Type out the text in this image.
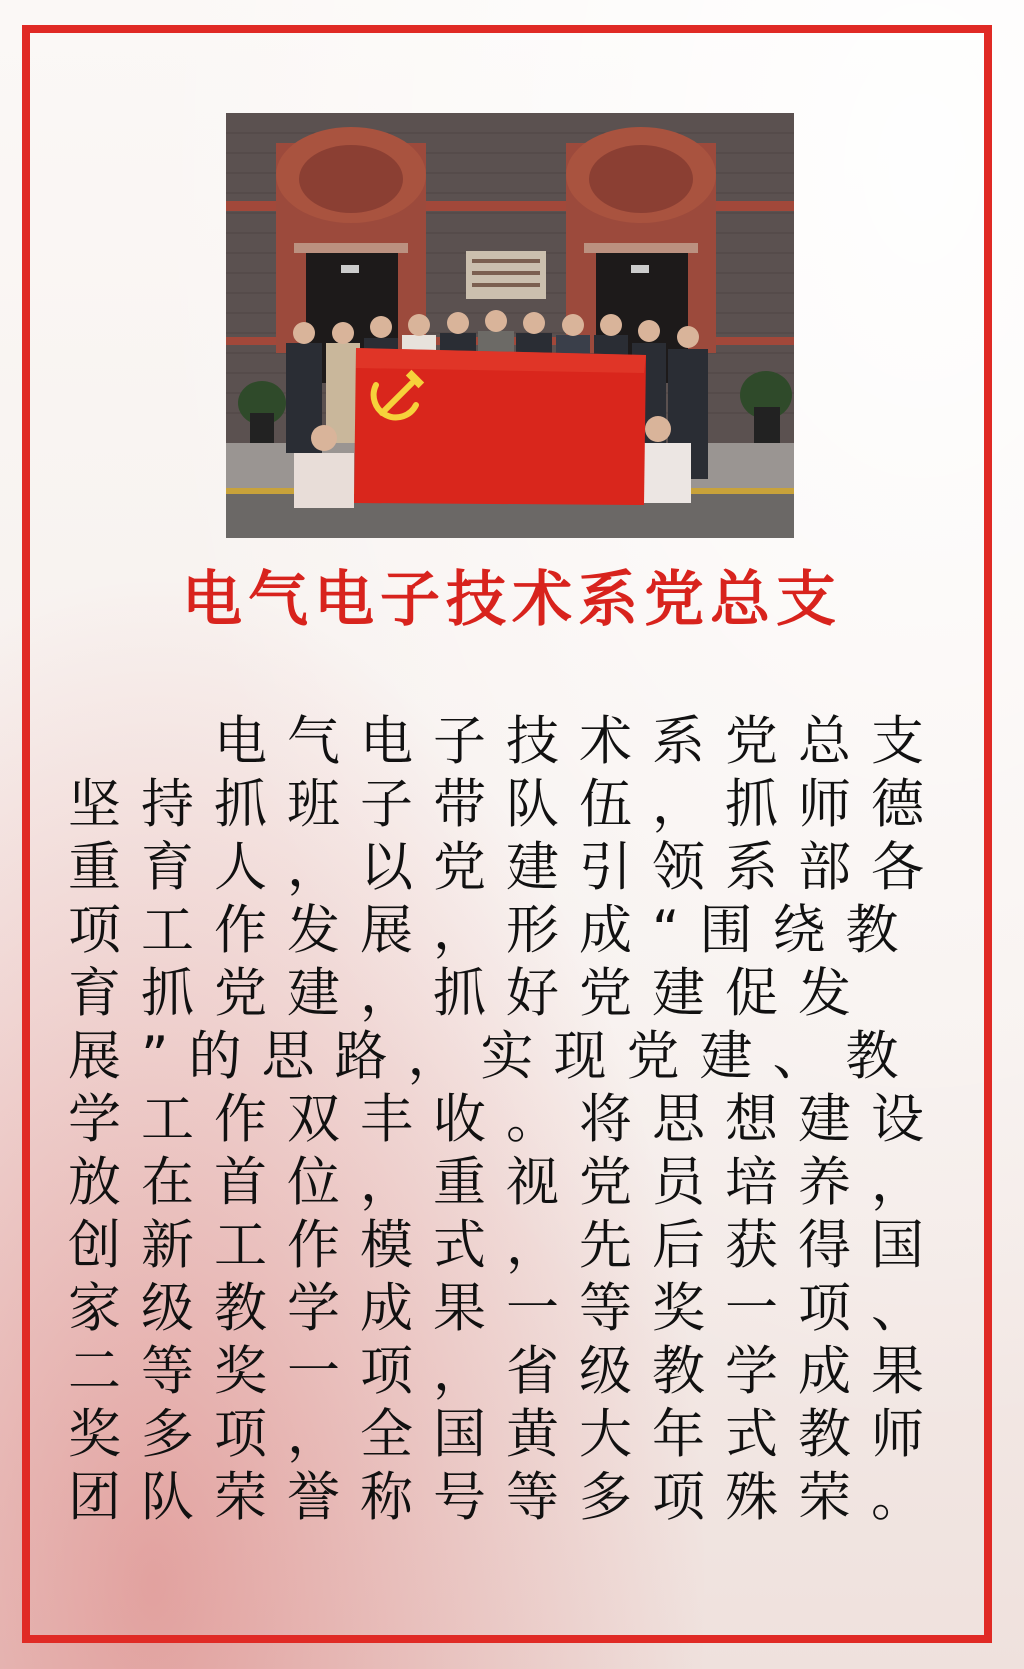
电气电子技术系党总支

电气电子技术系党总支坚持抓班子带队伍，抓师德重育人，以党建引领系部各项工作发展，形成“围绕教育抓党建，抓好党建促发展”的思路，实现党建、教学工作双丰收。将思想建设放在首位，重视党员培养，创新工作模式，先后获得国家级教学成果一等奖一项、二等奖一项，省级教学成果奖多项，全国黄大年式教师团队荣誉称号等多项殊荣。
